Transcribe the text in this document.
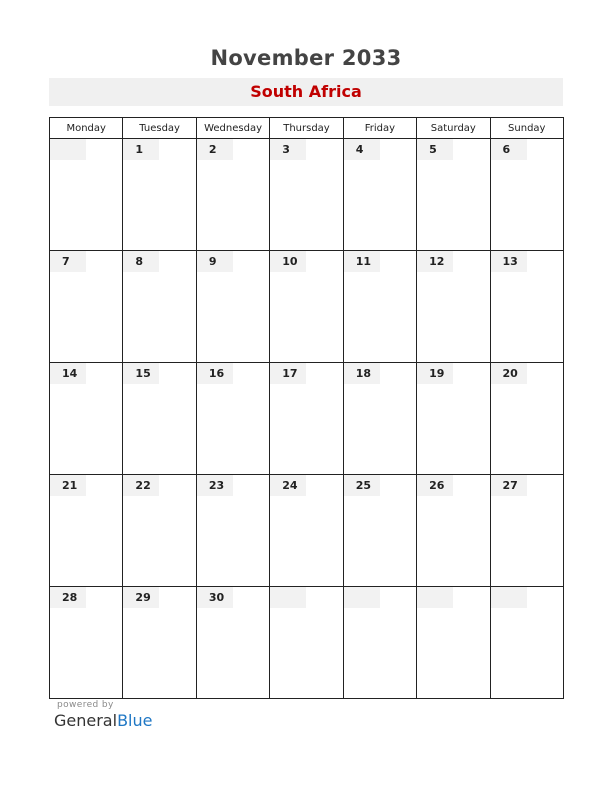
November 2033
South Africa
Monday	Tuesday	Wednesday	Thursday	Friday	Saturday	Sunday

	1	2	3	4	5	6

7	8	9	10	11	12	13

14	15	16	17	18	19	20

21	22	23	24	25	26	27

28	29	30				

powered by
GeneralBlue
